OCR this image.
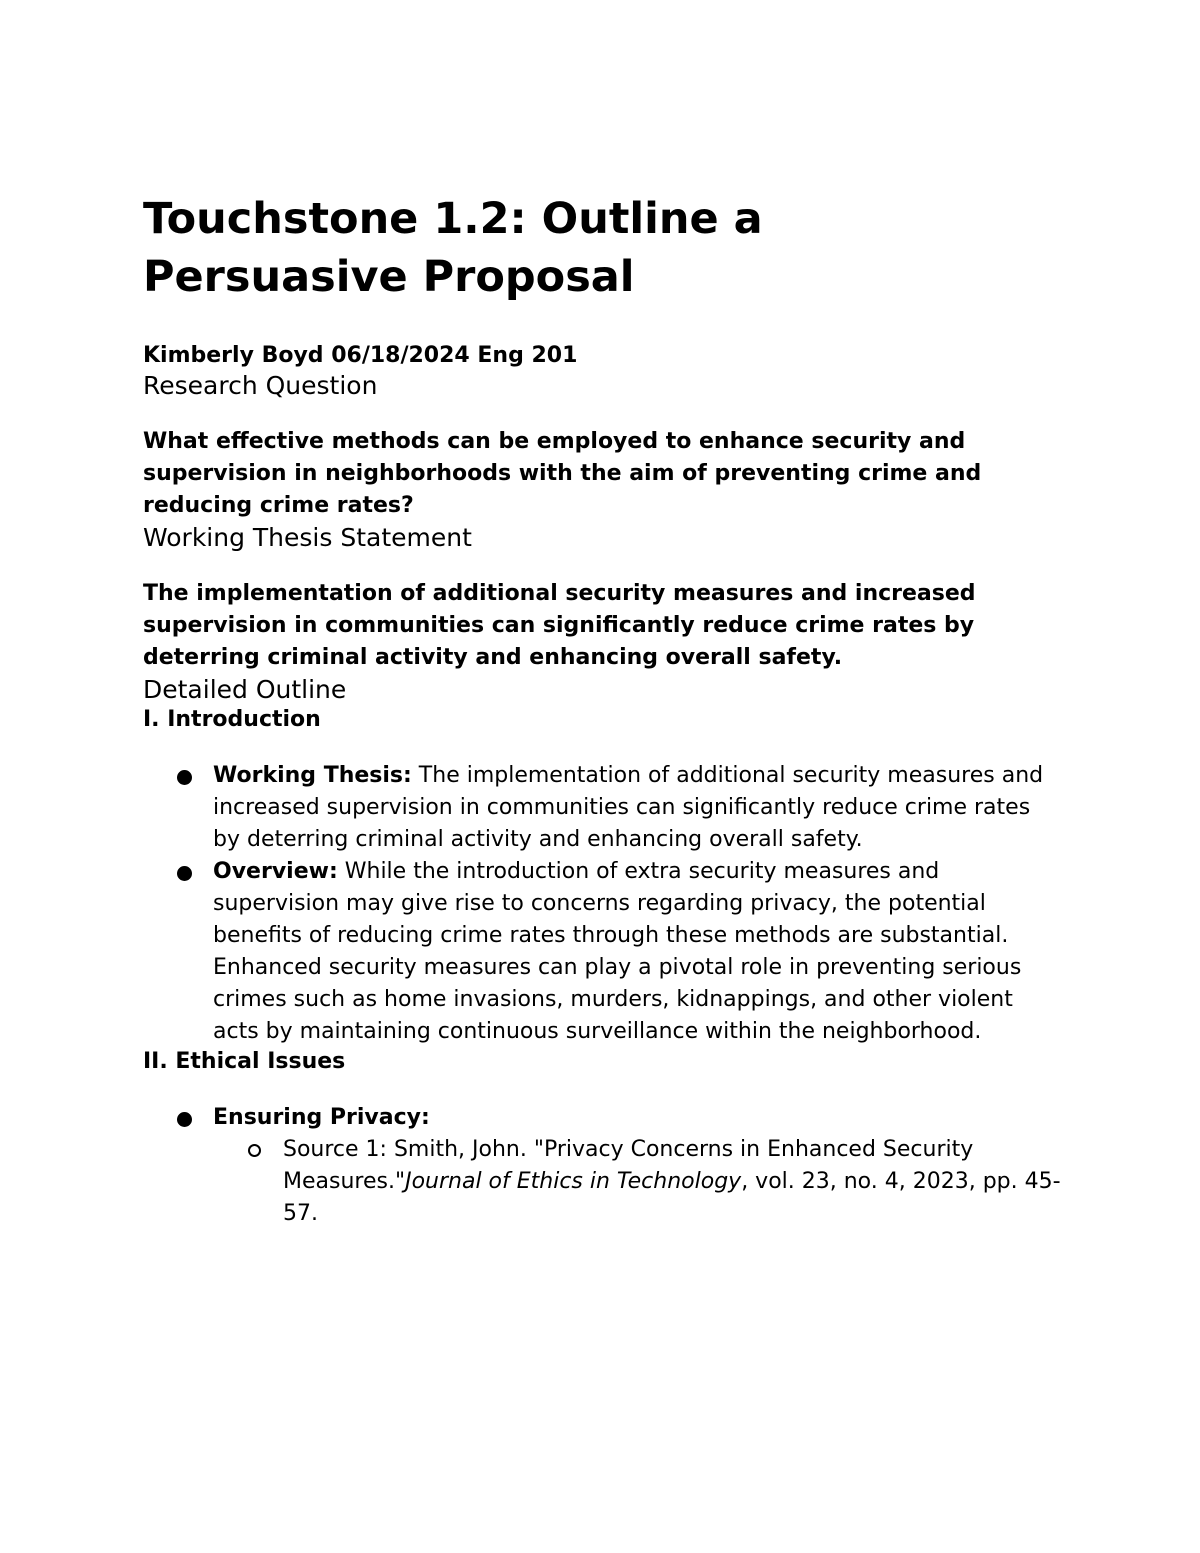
Touchstone 1.2: Outline a
Persuasive Proposal
Kimberly Boyd 06/18/2024 Eng 201
Research Question
What effective methods can be employed to enhance security and supervision in neighborhoods with the aim of preventing crime and reducing crime rates?
Working Thesis Statement
The implementation of additional security measures and increased supervision in communities can significantly reduce crime rates by deterring criminal activity and enhancing overall safety.
Detailed Outline
I. Introduction
Working Thesis: The implementation of additional security measures and increased supervision in communities can significantly reduce crime rates by deterring criminal activity and enhancing overall safety.
Overview: While the introduction of extra security measures and supervision may give rise to concerns regarding privacy, the potential benefits of reducing crime rates through these methods are substantial. Enhanced security measures can play a pivotal role in preventing serious crimes such as home invasions, murders, kidnappings, and other violent acts by maintaining continuous surveillance within the neighborhood.
II. Ethical Issues
Ensuring Privacy:
Source 1: Smith, John. "Privacy Concerns in Enhanced Security Measures."Journal of Ethics in Technology, vol. 23, no. 4, 2023, pp. 45-57.
